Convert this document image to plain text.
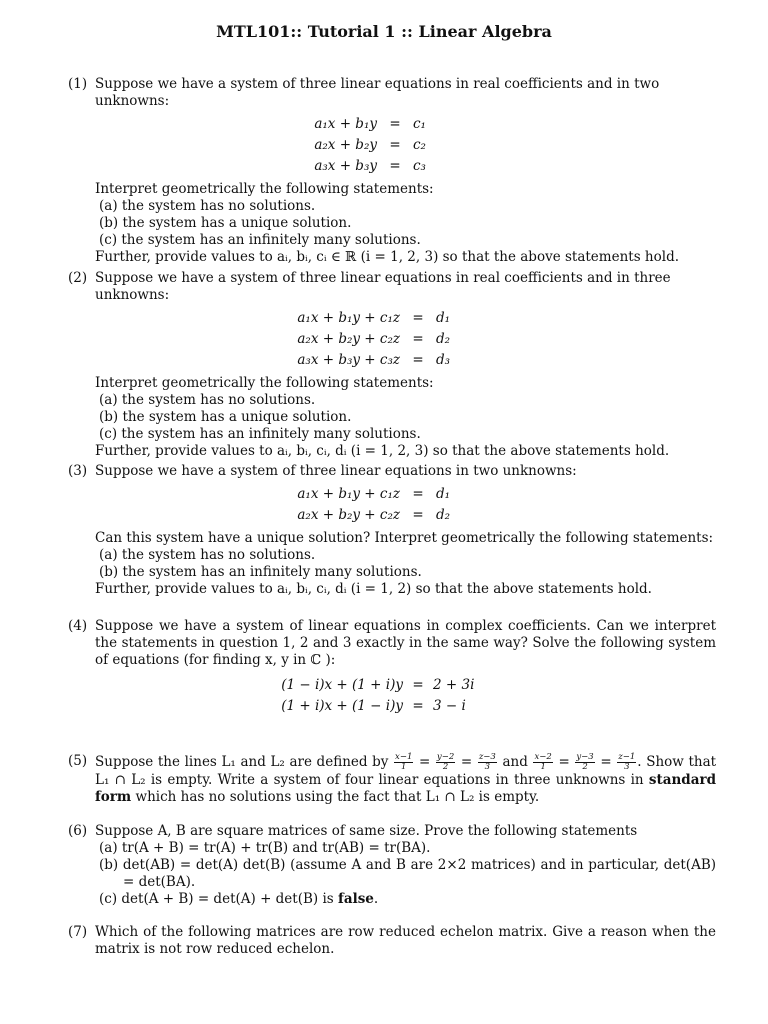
MTL101:: Tutorial 1 :: Linear Algebra
(1) Suppose we have a system of three linear equations in real coefficients and in two unknowns:
a₁x + b₁y = c₁
a₂x + b₂y = c₂
a₃x + b₃y = c₃
Interpret geometrically the following statements:
(a) the system has no solutions.
(b) the system has a unique solution.
(c) the system has an infinitely many solutions.
Further, provide values to aᵢ, bᵢ, cᵢ ∈ ℝ (i = 1, 2, 3) so that the above statements hold.
(2) Suppose we have a system of three linear equations in real coefficients and in three unknowns:
a₁x + b₁y + c₁z = d₁
a₂x + b₂y + c₂z = d₂
a₃x + b₃y + c₃z = d₃
Interpret geometrically the following statements:
(a) the system has no solutions.
(b) the system has a unique solution.
(c) the system has an infinitely many solutions.
Further, provide values to aᵢ, bᵢ, cᵢ, dᵢ (i = 1, 2, 3) so that the above statements hold.
(3) Suppose we have a system of three linear equations in two unknowns:
a₁x + b₁y + c₁z = d₁
a₂x + b₂y + c₂z = d₂
Can this system have a unique solution? Interpret geometrically the following statements:
(a) the system has no solutions.
(b) the system has an infinitely many solutions.
Further, provide values to aᵢ, bᵢ, cᵢ, dᵢ (i = 1, 2) so that the above statements hold.
(4) Suppose we have a system of linear equations in complex coefficients. Can we interpret the statements in question 1, 2 and 3 exactly in the same way? Solve the following system of equations (for finding x, y in ℂ ):
(1 − i)x + (1 + i)y = 2 + 3i
(1 + i)x + (1 − i)y = 3 − i
(5) Suppose the lines L₁ and L₂ are defined by $\frac{x-1}{1} = \frac{y-2}{2} = \frac{z-3}{3}$ and $\frac{x-2}{1} = \frac{y-3}{2} = \frac{z-1}{3}$ . Show that L₁ ∩ L₂ is empty. Write a system of four linear equations in three unknowns in standard form which has no solutions using the fact that L₁ ∩ L₂ is empty.
(6) Suppose A, B are square matrices of same size. Prove the following statements
(a) tr(A + B) = tr(A) + tr(B) and tr(AB) = tr(BA).
(b) det(AB) = det(A) det(B) (assume A and B are 2×2 matrices) and in particular, det(AB) = det(BA).
(c) det(A + B) = det(A) + det(B) is false.
(7) Which of the following matrices are row reduced echelon matrix. Give a reason when the matrix is not row reduced echelon.
